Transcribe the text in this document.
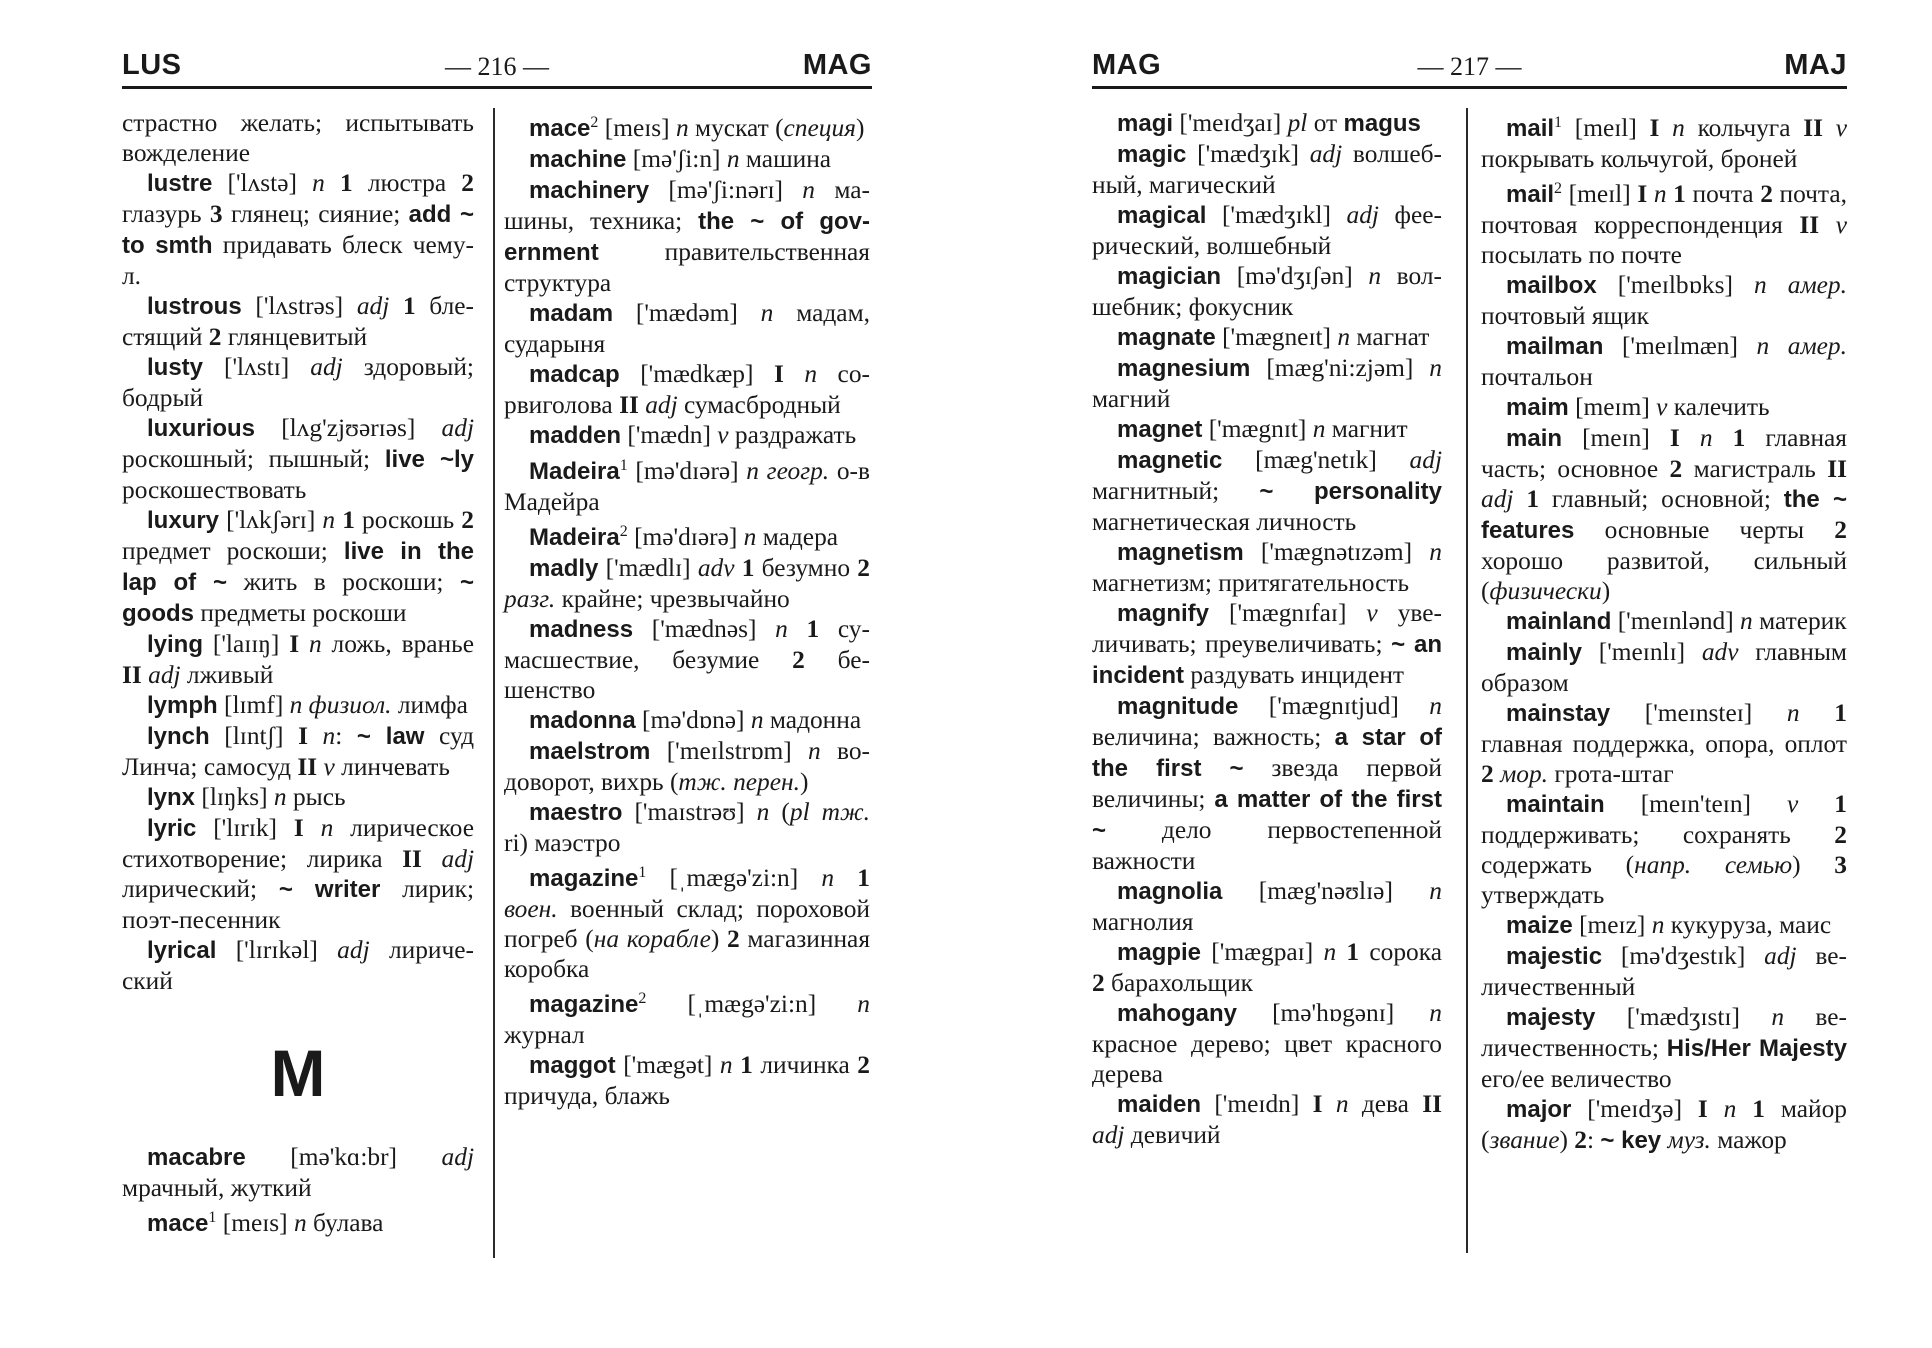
LUS	— 216 —	MAG
страстно желать; испытывать вожделение
lustre ['lʌstə] n 1 люстра 2 глазурь 3 глянец; сияние; add ~ to smth придавать блеск чему-л.
lustrous ['lʌstrəs] adj 1 блестящий 2 глянцевитый
lusty ['lʌstɪ] adj здоровый; бодрый
luxurious [lʌg'zjʊərɪəs] adj роскошный; пышный; live ~ly роскошествовать
luxury ['lʌkʃərɪ] n 1 роскошь 2 предмет роскоши; live in the lap of ~ жить в роскоши; ~ goods предметы роскоши
lying ['laɪɪŋ] I n ложь, вранье II adj лживый
lymph [lɪmf] n физиол. лимфа
lynch [lɪntʃ] I n: ~ law суд Линча; самосуд II v линчевать
lynx [lɪŋks] n рысь
lyric ['lɪrɪk] I n лирическое стихотворение; лирика II adj лирический; ~ writer лирик; поэт-песенник
lyrical ['lɪrɪkəl] adj лирический
M
macabre [mə'kɑ:br] adj мрачный, жуткий
mace$^1$ [meɪs] n булава
mace$^2$ [meɪs] n мускат (специя)
machine [mə'ʃi:n] n машина
machinery [mə'ʃi:nərɪ] n машины, техника; the ~ of government правительственная структура
madam ['mædəm] n мадам, сударыня
madcap ['mædkæp] I n сорвиголова II adj сумасбродный
madden ['mædn] v раздражать
Madeira$^1$ [mə'dɪərə] n геогр. о-в Мадейра
Madeira$^2$ [mə'dɪərə] n мадера
madly ['mædlɪ] adv 1 безумно 2 разг. крайне; чрезвычайно
madness ['mædnəs] n 1 сумасшествие, безумие 2 бешенство
madonna [mə'dɒnə] n мадонна
maelstrom ['meɪlstrɒm] n водоворот, вихрь (тж. перен.)
maestro ['maɪstrəʊ] n (pl тж. ri) маэстро
magazine$^1$ [ˌmægə'zi:n] n 1 воен. военный склад; пороховой погреб (на корабле) 2 магазинная коробка
magazine$^2$ [ˌmægə'zi:n] n журнал
maggot ['mægət] n 1 личинка 2 причуда, блажь
MAG	— 217 —	MAJ
magi ['meɪdʒaɪ] pl от magus
magic ['mædʒɪk] adj волшебный, магический
magical ['mædʒɪkl] adj феерический, волшебный
magician [mə'dʒɪʃən] n волшебник; фокусник
magnate ['mægneɪt] n магнат
magnesium [mæg'ni:zjəm] n магний
magnet ['mægnɪt] n магнит
magnetic [mæg'netɪk] adj магнитный; ~ personality магнетическая личность
magnetism ['mægnətɪzəm] n магнетизм; притягательность
magnify ['mægnɪfaɪ] v увеличивать; преувеличивать; ~ an incident раздувать инцидент
magnitude ['mægnɪtjud] n величина; важность; a star of the first ~ звезда первой величины; a matter of the first ~ дело первостепенной важности
magnolia [mæg'nəʊlɪə] n магнолия
magpie ['mægpaɪ] n 1 сорока 2 барахольщик
mahogany [mə'hɒgənɪ] n красное дерево; цвет красного дерева
maiden ['meɪdn] I n дева II adj девичий
mail$^1$ [meɪl] I n кольчуга II v покрывать кольчугой, броней
mail$^2$ [meɪl] I n 1 почта 2 почта, почтовая корреспонденция II v посылать по почте
mailbox ['meɪlbɒks] n амер. почтовый ящик
mailman ['meɪlmæn] n амер. почтальон
maim [meɪm] v калечить
main [meɪn] I n 1 главная часть; основное 2 магистраль II adj 1 главный; основной; the ~ features основные черты 2 хорошо развитой, сильный (физически)
mainland ['meɪnlənd] n материк
mainly ['meɪnlɪ] adv главным образом
mainstay ['meɪnsteɪ] n 1 главная поддержка, опора, оплот 2 мор. грота-штаг
maintain [meɪn'teɪn] v 1 поддерживать; сохранять 2 содержать (напр. семью) 3 утверждать
maize [meɪz] n кукуруза, маис
majestic [mə'dʒestɪk] adj величественный
majesty ['mædʒɪstɪ] n величественность; His/Her Majesty его/ее величество
major ['meɪdʒə] I n 1 майор (звание) 2: ~ key муз. мажор
